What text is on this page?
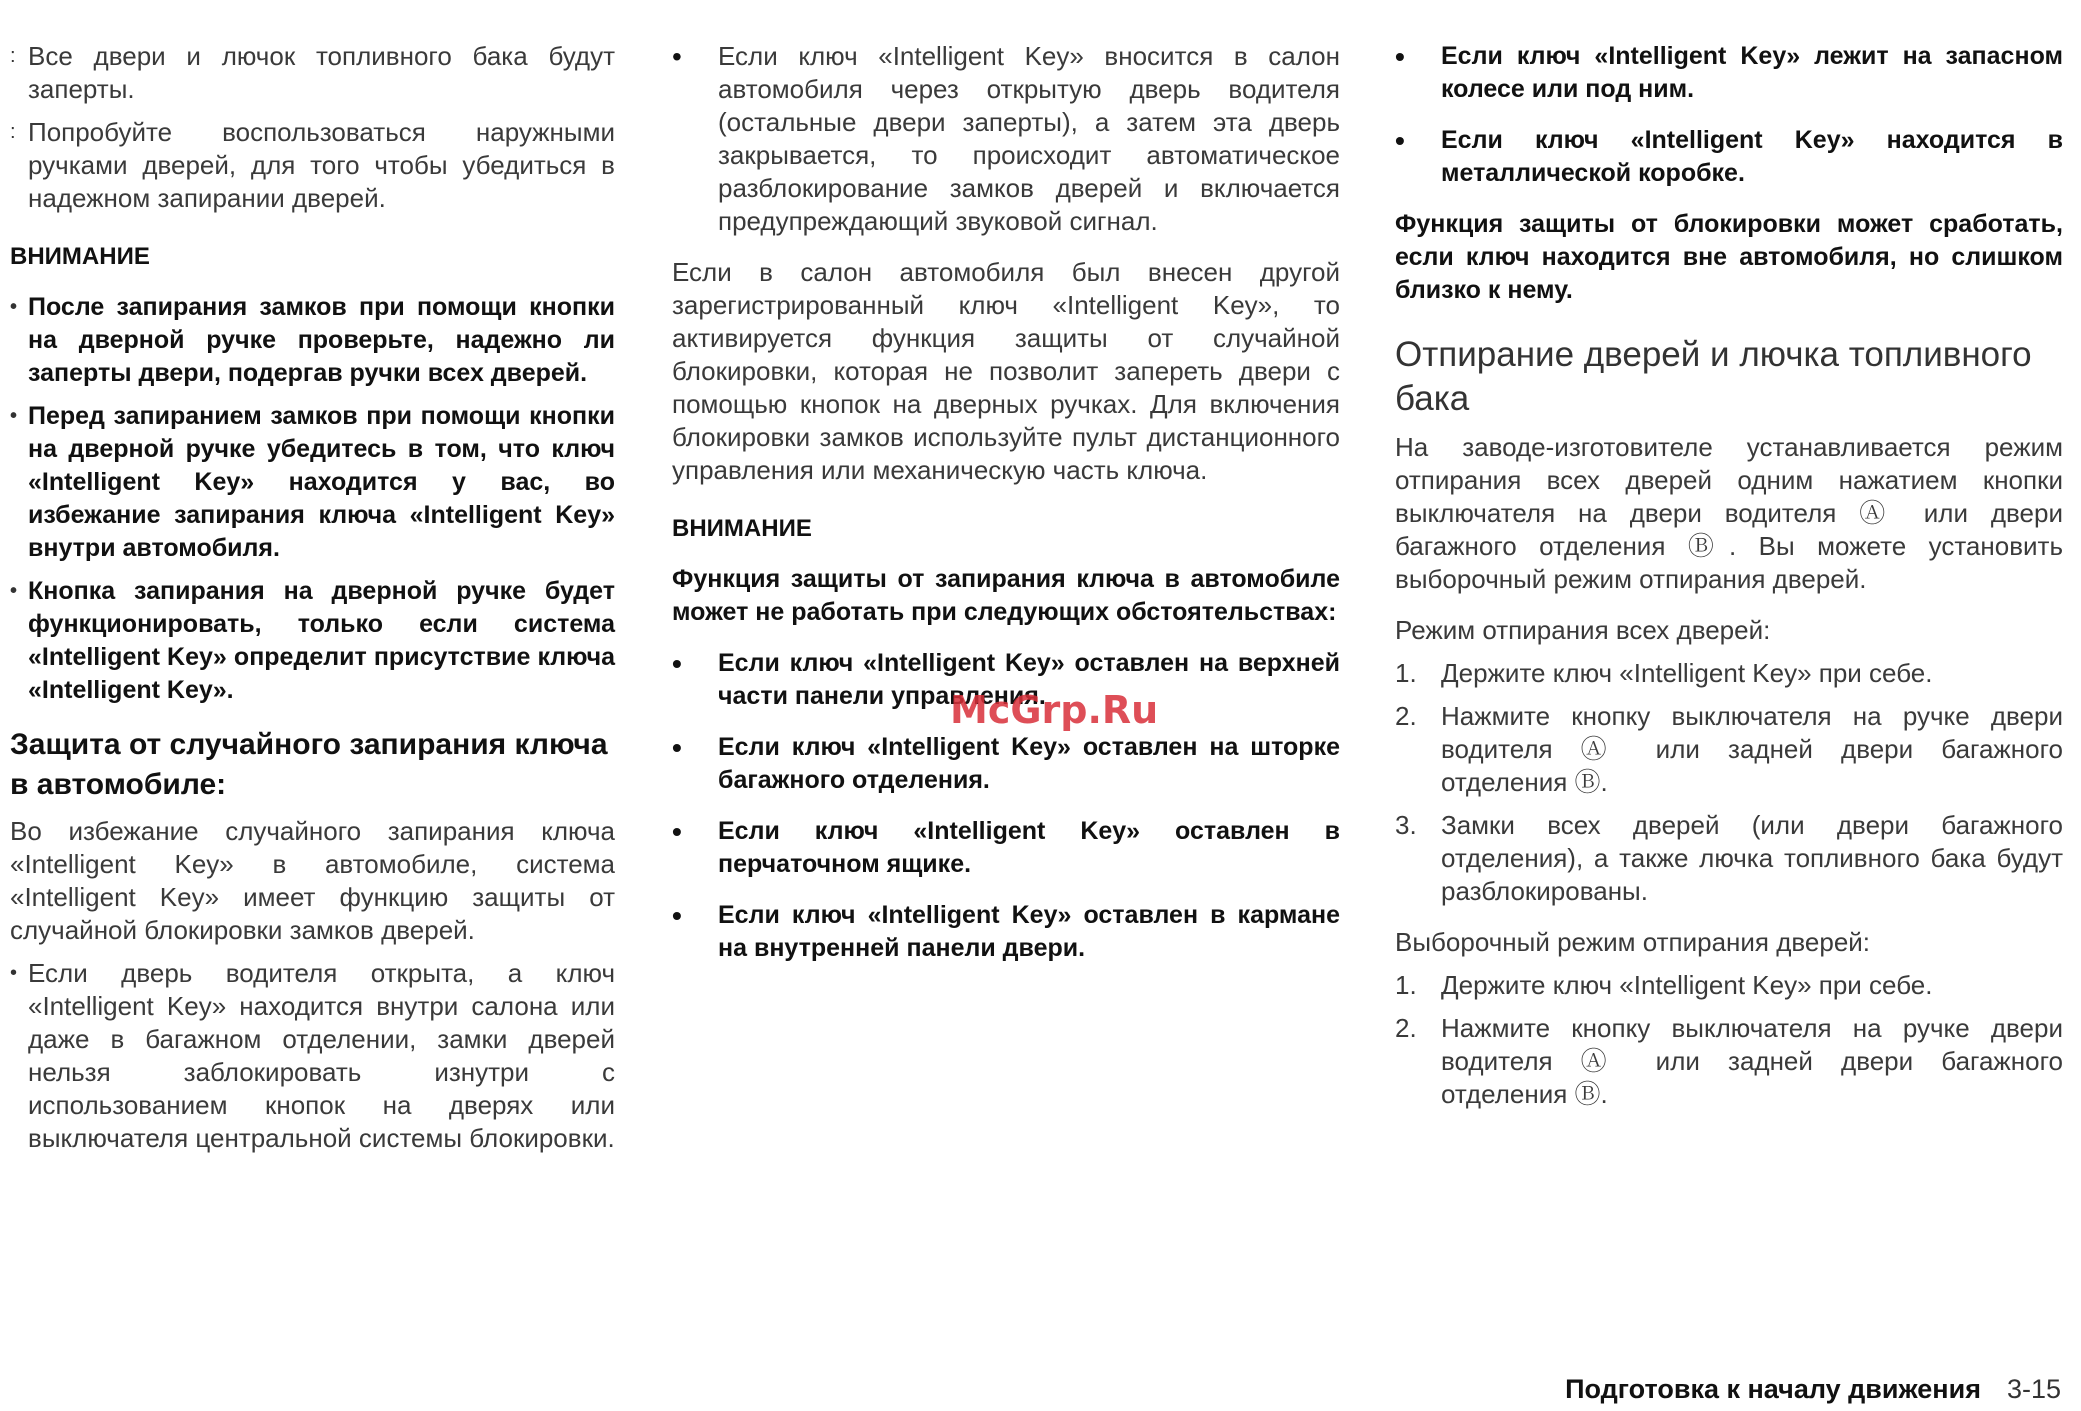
: Все двери и лючок топливного бака будут заперты.

: Попробуйте воспользоваться наружными ручками дверей, для того чтобы убедиться в надежном запирании дверей.

ВНИМАНИЕ

• После запирания замков при помощи кнопки на дверной ручке проверьте, надежно ли заперты двери, подергав ручки всех дверей.

• Перед запиранием замков при помощи кнопки на дверной ручке убедитесь в том, что ключ «Intelligent Key» находится у вас, во избежание запирания ключа «Intelligent Key» внутри автомобиля.

• Кнопка запирания на дверной ручке будет функционировать, только если система «Intelligent Key» определит присутствие ключа «Intelligent Key».

Защита от случайного запирания ключа в автомобиле:

Во избежание случайного запирания ключа «Intelligent Key» в автомобиле, система «Intelligent Key» имеет функцию защиты от случайной блокировки замков дверей.

• Если дверь водителя открыта, а ключ «Intelligent Key» находится внутри салона или даже в багажном отделении, замки дверей нельзя заблокировать изнутри с использованием кнопок на дверях или выключателя центральной системы блокировки.

• Если ключ «Intelligent Key» вносится в салон автомобиля через открытую дверь водителя (остальные двери заперты), а затем эта дверь закрывается, то происходит автоматическое разблокирование замков дверей и включается предупреждающий звуковой сигнал.

Если в салон автомобиля был внесен другой зарегистрированный ключ «Intelligent Key», то активируется функция защиты от случайной блокировки, которая не позволит запереть двери с помощью кнопок на дверных ручках. Для включения блокировки замков используйте пульт дистанционного управления или механическую часть ключа.

ВНИМАНИЕ

Функция защиты от запирания ключа в автомобиле может не работать при следующих обстоятельствах:

• Если ключ «Intelligent Key» оставлен на верхней части панели управления.

• Если ключ «Intelligent Key» оставлен на шторке багажного отделения.

• Если ключ «Intelligent Key» оставлен в перчаточном ящике.

• Если ключ «Intelligent Key» оставлен в кармане на внутренней панели двери.

• Если ключ «Intelligent Key» лежит на запасном колесе или под ним.

• Если ключ «Intelligent Key» находится в металлической коробке.

Функция защиты от блокировки может сработать, если ключ находится вне автомобиля, но слишком близко к нему.

Отпирание дверей и лючка топливного бака

На заводе-изготовителе устанавливается режим отпирания всех дверей одним нажатием кнопки выключателя на двери водителя Ⓐ или двери багажного отделения Ⓑ. Вы можете установить выборочный режим отпирания дверей.

Режим отпирания всех дверей:

1. Держите ключ «Intelligent Key» при себе.

2. Нажмите кнопку выключателя на ручке двери водителя Ⓐ или задней двери багажного отделения Ⓑ.

3. Замки всех дверей (или двери багажного отделения), а также лючка топливного бака будут разблокированы.

Выборочный режим отпирания дверей:

1. Держите ключ «Intelligent Key» при себе.

2. Нажмите кнопку выключателя на ручке двери водителя Ⓐ или задней двери багажного отделения Ⓑ.

McGrp.Ru
Подготовка к началу движения 3-15
